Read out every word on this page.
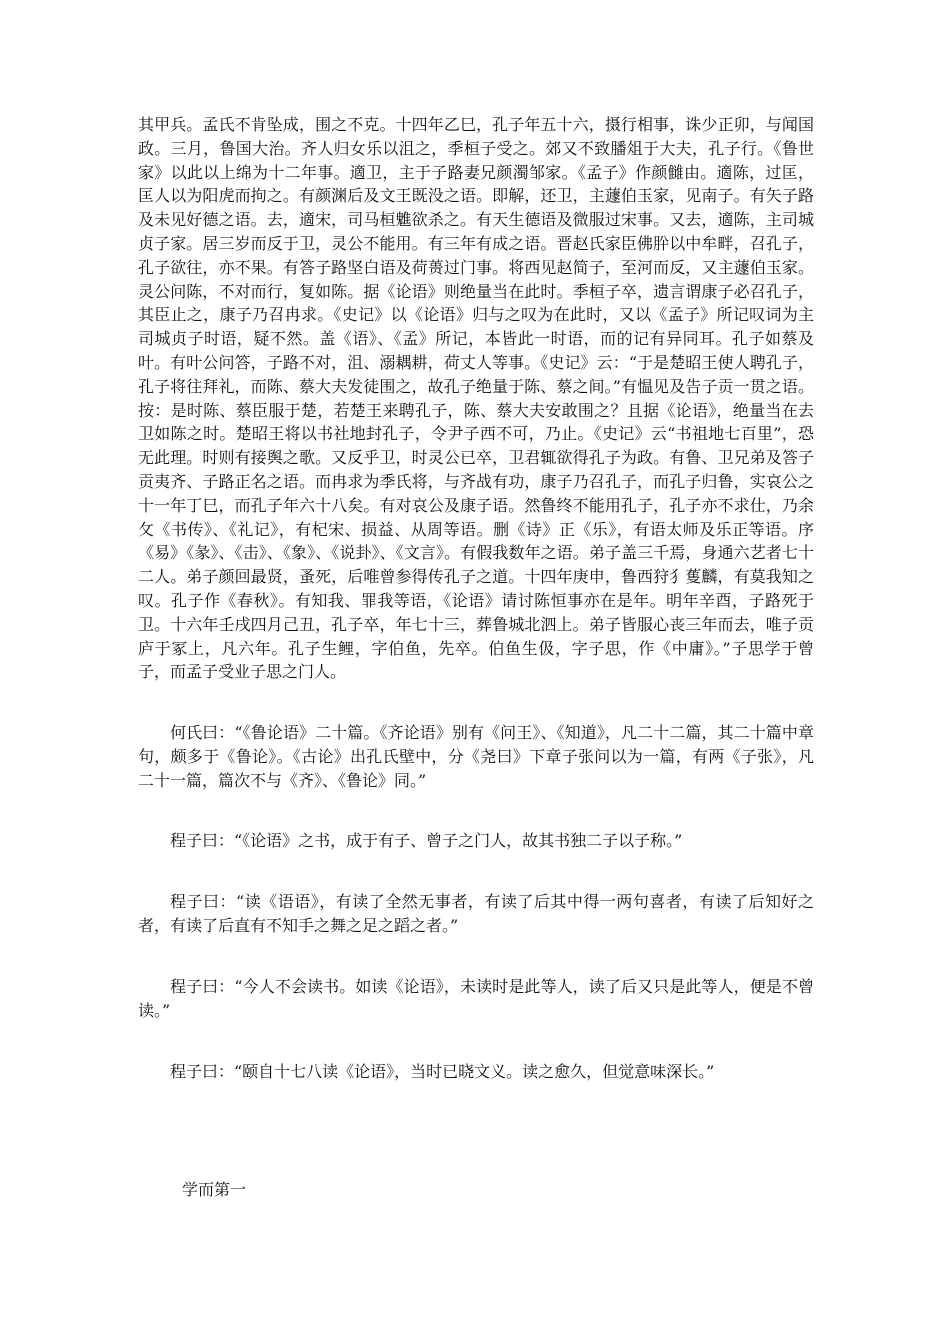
其甲兵。孟氏不肯坠成，围之不克。十四年乙巳，孔子年五十六，摄行相事，诛少正卯，与闻国政。三月，鲁国大治。齐人归女乐以沮之，季桓子受之。郊又不致膰俎于大夫，孔子行。《鲁世家》以此以上绵为十二年事。適卫，主于子路妻兄颜濁邹家。《孟子》作颜雠由。適陈，过匡，匡人以为阳虎而拘之。有颜渊后及文王既没之语。即解，还卫，主蘧伯玉家，见南子。有矢子路及未见好德之语。去，適宋，司马桓魋欲杀之。有天生德语及微服过宋事。又去，適陈，主司城贞子家。居三岁而反于卫，灵公不能用。有三年有成之语。晋赵氏家臣佛肸以中牟畔，召孔子，孔子欲往，亦不果。有答子路坚白语及荷蒉过门事。将西见赵简子，至河而反，又主蘧伯玉家。灵公问陈，不对而行，复如陈。据《论语》则绝量当在此时。季桓子卒，遗言谓康子必召孔子，其臣止之，康子乃召冉求。《史记》以《论语》归与之叹为在此时，又以《孟子》所记叹词为主司城贞子时语，疑不然。盖《语》、《孟》所记，本皆此一时语，而的记有异同耳。孔子如蔡及叶。有叶公问答，子路不对，沮、溺耦耕，荷丈人等事。《史记》云：“于是楚昭王使人聘孔子，孔子将往拜礼，而陈、蔡大夫发徒围之，故孔子绝量于陈、蔡之间。”有愠见及告子贡一贯之语。按：是时陈、蔡臣服于楚，若楚王来聘孔子，陈、蔡大夫安敢围之？且据《论语》，绝量当在去卫如陈之时。楚昭王将以书社地封孔子，令尹子西不可，乃止。《史记》云“书祖地七百里”，恐无此理。时则有接舆之歌。又反乎卫，时灵公已卒，卫君辄欲得孔子为政。有鲁、卫兄弟及答子贡夷齐、子路正名之语。而冉求为季氏将，与齐战有功，康子乃召孔子，而孔子归鲁，实哀公之十一年丁巳，而孔子年六十八矣。有对哀公及康子语。然鲁终不能用孔子，孔子亦不求仕，乃余攵《书传》、《礼记》，有杞宋、损益、从周等语。删《诗》正《乐》，有语太师及乐正等语。序《易》《彖》、《击》、《象》、《说卦》、《文言》。有假我数年之语。弟子盖三千焉，身通六艺者七十二人。弟子颜回最贤，蚤死，后唯曾参得传孔子之道。十四年庚申，鲁西狩犭蒦麟，有莫我知之叹。孔子作《春秋》。有知我、罪我等语，《论语》请讨陈恒事亦在是年。明年辛酉，子路死于卫。十六年壬戌四月己丑，孔子卒，年七十三，葬鲁城北泗上。弟子皆服心丧三年而去，唯子贡庐于冢上，凡六年。孔子生鲤，字伯鱼，先卒。伯鱼生伋，字子思，作《中庸》。”子思学于曾子，而孟子受业子思之门人。

何氏曰：“《鲁论语》二十篇。《齐论语》别有《问王》、《知道》，凡二十二篇，其二十篇中章句，颇多于《鲁论》。《古论》出孔氏壁中，分《尧曰》下章子张问以为一篇，有两《子张》，凡二十一篇，篇次不与《齐》、《鲁论》同。”

程子曰：“《论语》之书，成于有子、曾子之门人，故其书独二子以子称。”

程子曰：“读《语语》，有读了全然无事者，有读了后其中得一两句喜者，有读了后知好之者，有读了后直有不知手之舞之足之蹈之者。”

程子曰：“今人不会读书。如读《论语》，未读时是此等人，读了后又只是此等人，便是不曾读。”

程子曰：“颐自十七八读《论语》，当时已晓文义。读之愈久，但觉意味深长。”

学而第一
